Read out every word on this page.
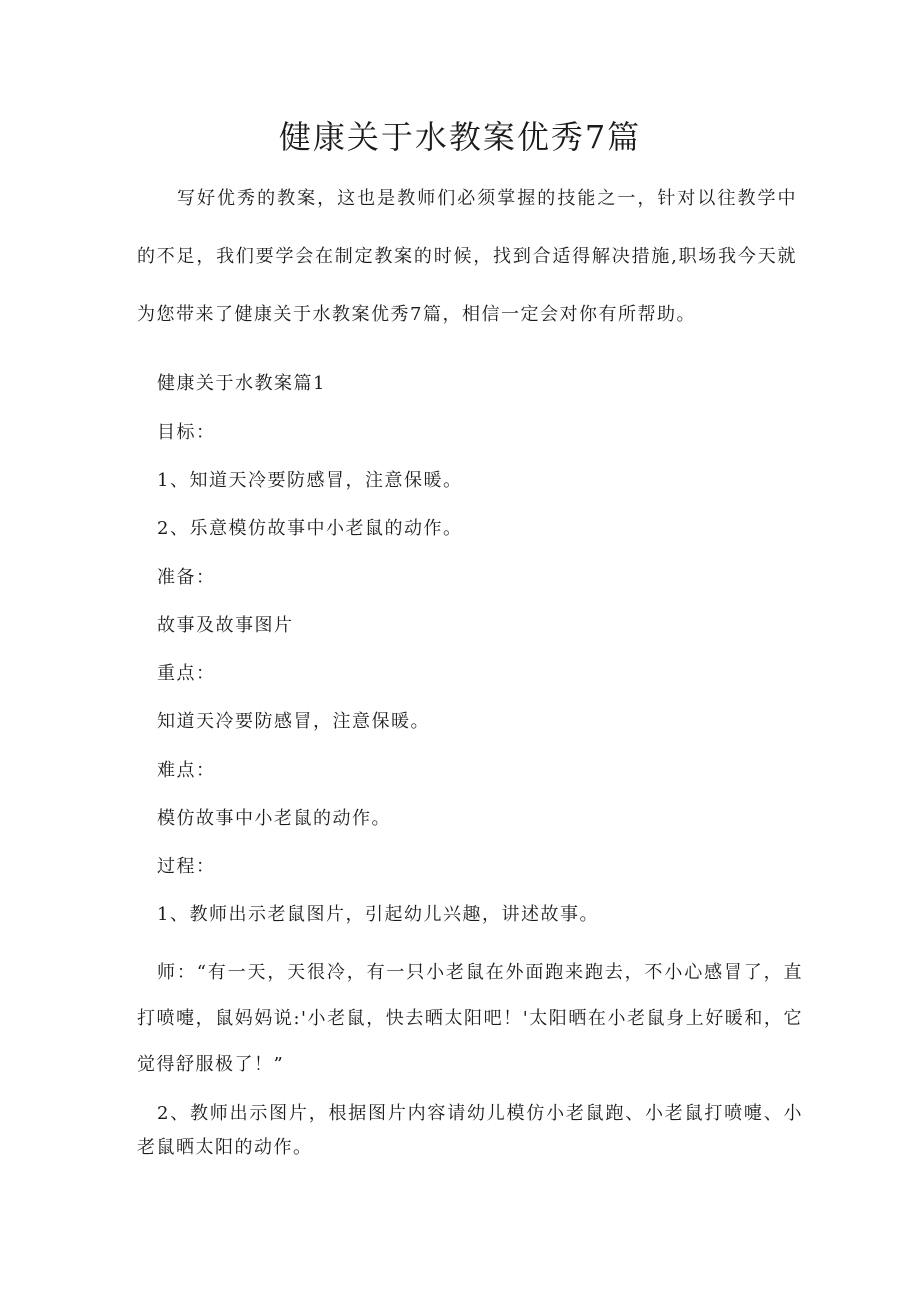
健康关于水教案优秀7篇

写好优秀的教案，这也是教师们必须掌握的技能之一，针对以往教学中的不足，我们要学会在制定教案的时候，找到合适得解决措施,职场我今天就为您带来了健康关于水教案优秀7篇，相信一定会对你有所帮助。

健康关于水教案篇1

目标：

1、知道天冷要防感冒，注意保暖。

2、乐意模仿故事中小老鼠的动作。

准备：

故事及故事图片

重点：

知道天冷要防感冒，注意保暖。

难点：

模仿故事中小老鼠的动作。

过程：

1、教师出示老鼠图片，引起幼儿兴趣，讲述故事。

师：“有一天，天很冷，有一只小老鼠在外面跑来跑去，不小心感冒了，直打喷嚏，鼠妈妈说:'小老鼠，快去晒太阳吧！'太阳晒在小老鼠身上好暖和，它觉得舒服极了！”

2、教师出示图片，根据图片内容请幼儿模仿小老鼠跑、小老鼠打喷嚏、小老鼠晒太阳的动作。
